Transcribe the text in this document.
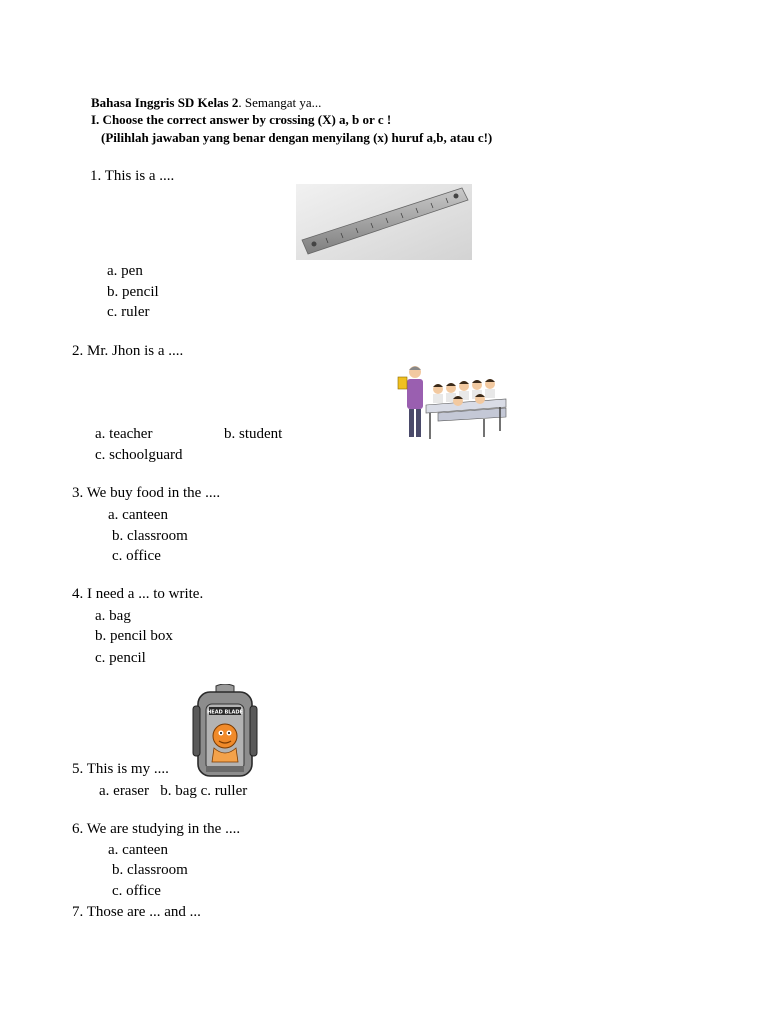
Bahasa Inggris SD Kelas 2. Semangat ya...
I. Choose the correct answer by crossing (X) a, b or c !
(Pilihlah jawaban yang benar dengan menyilang (x) huruf a,b, atau c!)
1. This is a ....
a. pen
b. pencil
c. ruler
2. Mr. Jhon is a ....
a. teacher	b. student
c. schoolguard
3. We buy food in the ....
a. canteen
b. classroom
c. office
4. I need a ... to write.
a. bag
b. pencil box
c. pencil
HEAD BLADE
5. This is my ....
a. eraser   b. bag c. ruller
6. We are studying in the ....
a. canteen
b. classroom
c. office
7. Those are ... and ...
